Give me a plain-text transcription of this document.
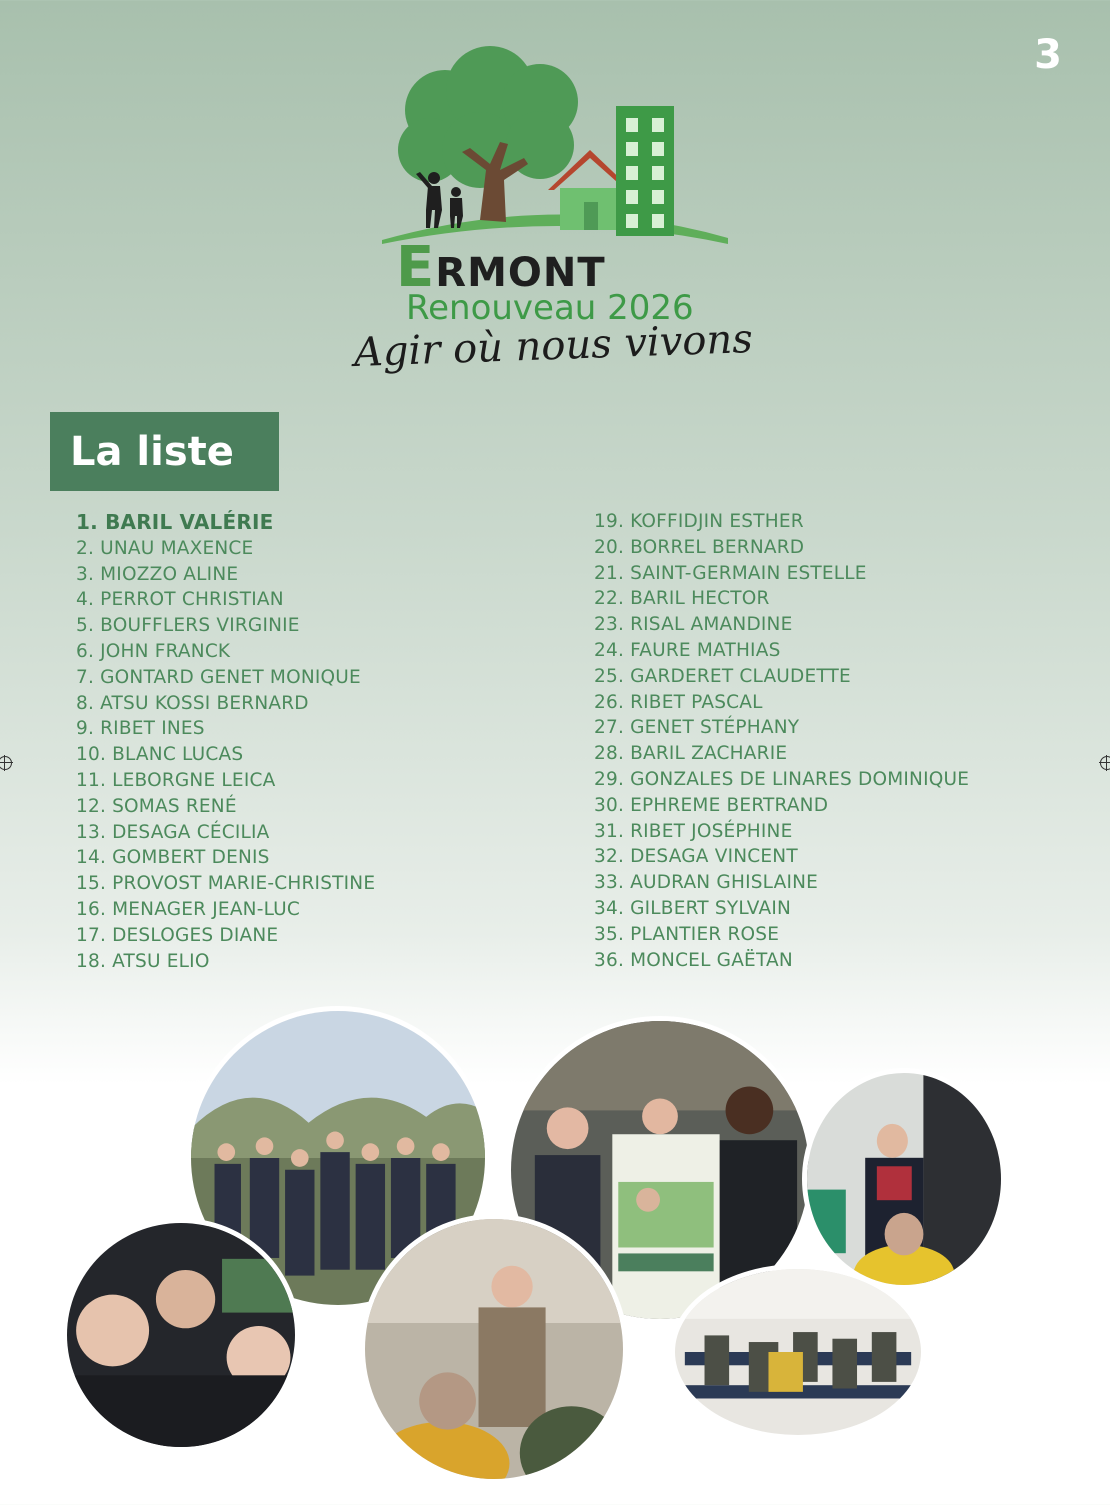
3
ERMONT
Renouveau 2026
Agir où nous vivons
La liste
1. BARIL VALÉRIE
2. UNAU MAXENCE
3. MIOZZO ALINE
4. PERROT CHRISTIAN
5. BOUFFLERS VIRGINIE
6. JOHN FRANCK
7. GONTARD GENET MONIQUE
8. ATSU KOSSI BERNARD
9. RIBET INES
10. BLANC LUCAS
11. LEBORGNE LEICA
12. SOMAS RENÉ
13. DESAGA CÉCILIA
14. GOMBERT DENIS
15. PROVOST MARIE-CHRISTINE
16. MENAGER JEAN-LUC
17. DESLOGES DIANE
18. ATSU ELIO
19. KOFFIDJIN ESTHER
20. BORREL BERNARD
21. SAINT-GERMAIN ESTELLE
22. BARIL HECTOR
23. RISAL AMANDINE
24. FAURE MATHIAS
25. GARDERET CLAUDETTE
26. RIBET PASCAL
27. GENET STÉPHANY
28. BARIL ZACHARIE
29. GONZALES DE LINARES DOMINIQUE
30. EPHREME BERTRAND
31. RIBET JOSÉPHINE
32. DESAGA VINCENT
33. AUDRAN GHISLAINE
34. GILBERT SYLVAIN
35. PLANTIER ROSE
36. MONCEL GAËTAN
